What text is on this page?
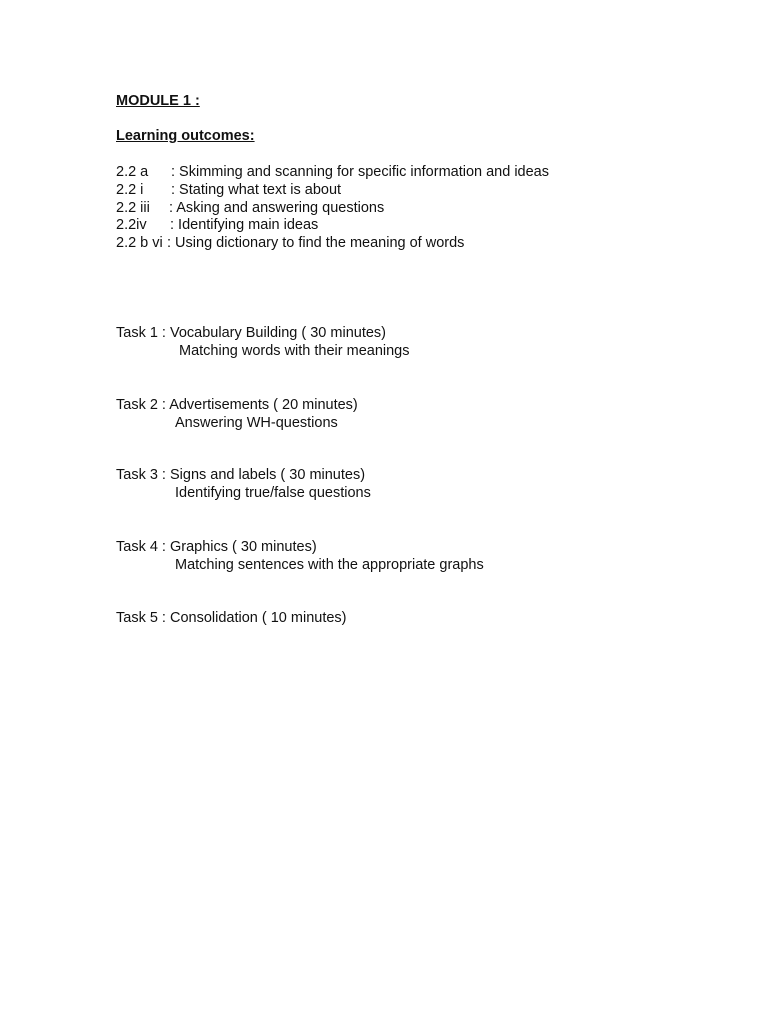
MODULE 1 :
Learning outcomes:
2.2 a : Skimming and scanning for specific information and ideas
2.2 i : Stating what text is about
2.2 iii : Asking and answering questions
2.2iv : Identifying main ideas
2.2 b vi : Using dictionary to find the meaning of words
Task 1 : Vocabulary Building ( 30 minutes)
Matching words with their meanings
Task 2 : Advertisements ( 20 minutes)
Answering WH-questions
Task 3 : Signs and labels ( 30 minutes)
Identifying true/false questions
Task 4 : Graphics ( 30 minutes)
Matching sentences with the appropriate graphs
Task 5 : Consolidation ( 10 minutes)
